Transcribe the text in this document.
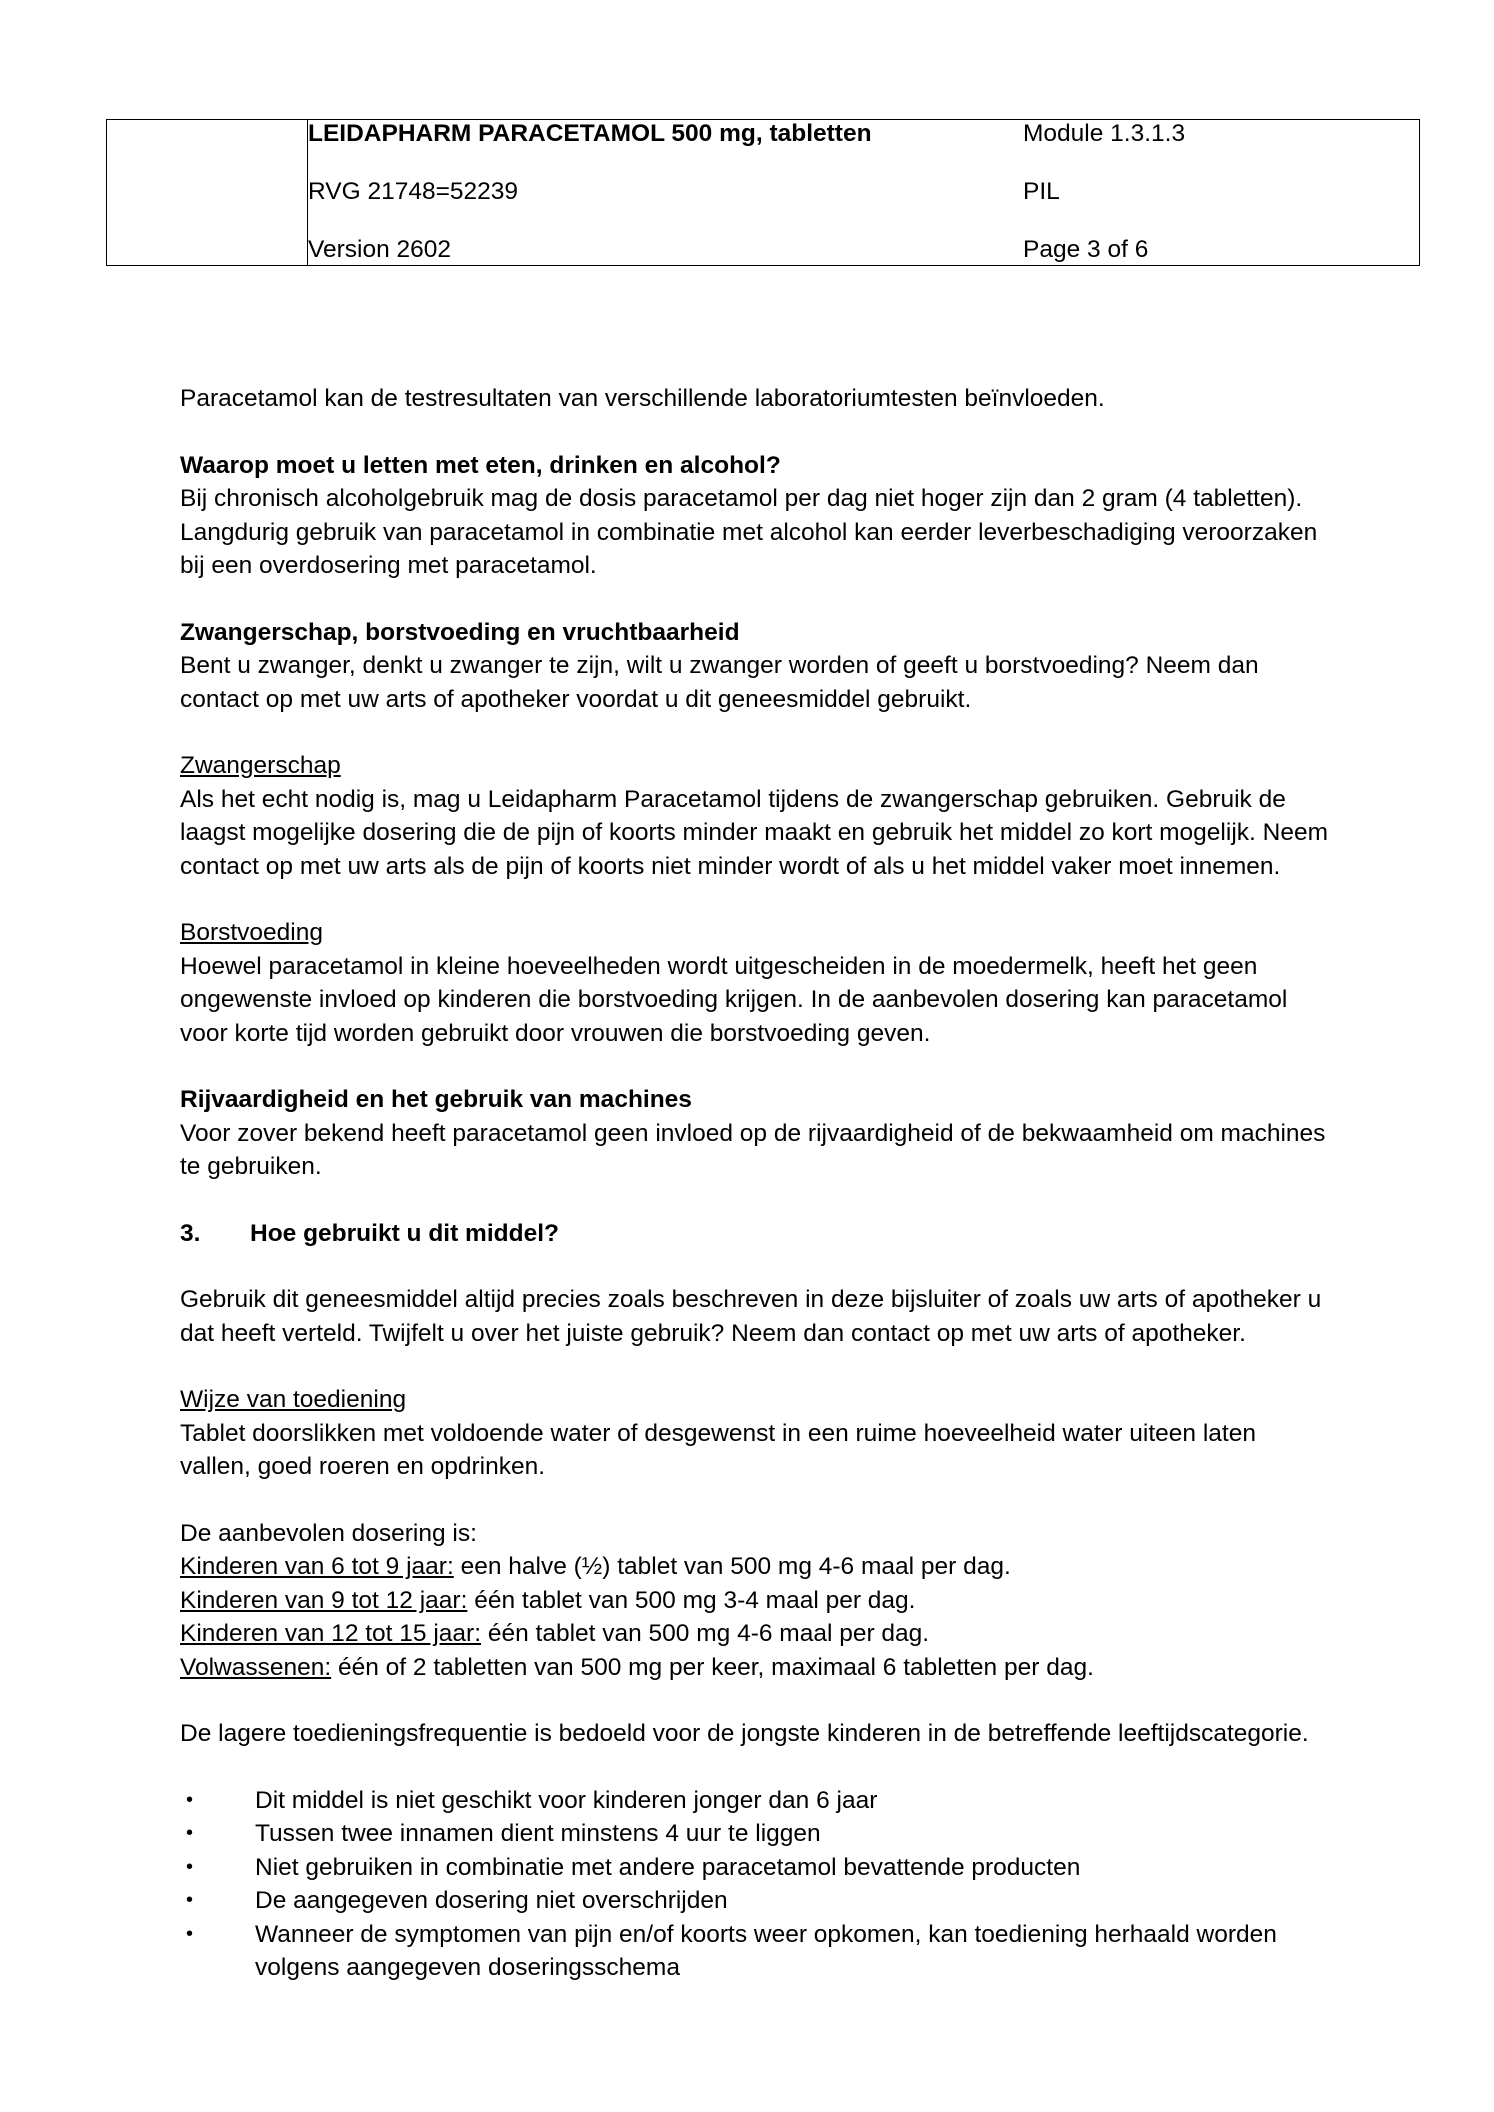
LEIDAPHARM PARACETAMOL 500 mg, tabletten	Module 1.3.1.3
RVG 21748=52239	PIL
Version 2602	Page 3 of 6

Paracetamol kan de testresultaten van verschillende laboratoriumtesten beïnvloeden.

Waarop moet u letten met eten, drinken en alcohol?

Bij chronisch alcoholgebruik mag de dosis paracetamol per dag niet hoger zijn dan 2 gram (4 tabletten). Langdurig gebruik van paracetamol in combinatie met alcohol kan eerder leverbeschadiging veroorzaken bij een overdosering met paracetamol.

Zwangerschap, borstvoeding en vruchtbaarheid

Bent u zwanger, denkt u zwanger te zijn, wilt u zwanger worden of geeft u borstvoeding? Neem dan contact op met uw arts of apotheker voordat u dit geneesmiddel gebruikt.

Zwangerschap

Als het echt nodig is, mag u Leidapharm Paracetamol tijdens de zwangerschap gebruiken. Gebruik de laagst mogelijke dosering die de pijn of koorts minder maakt en gebruik het middel zo kort mogelijk. Neem contact op met uw arts als de pijn of koorts niet minder wordt of als u het middel vaker moet innemen.

Borstvoeding

Hoewel paracetamol in kleine hoeveelheden wordt uitgescheiden in de moedermelk, heeft het geen ongewenste invloed op kinderen die borstvoeding krijgen. In de aanbevolen dosering kan paracetamol voor korte tijd worden gebruikt door vrouwen die borstvoeding geven.

Rijvaardigheid en het gebruik van machines

Voor zover bekend heeft paracetamol geen invloed op de rijvaardigheid of de bekwaamheid om machines te gebruiken.

3.	Hoe gebruikt u dit middel?

Gebruik dit geneesmiddel altijd precies zoals beschreven in deze bijsluiter of zoals uw arts of apotheker u dat heeft verteld. Twijfelt u over het juiste gebruik? Neem dan contact op met uw arts of apotheker.

Wijze van toediening

Tablet doorslikken met voldoende water of desgewenst in een ruime hoeveelheid water uiteen laten vallen, goed roeren en opdrinken.

De aanbevolen dosering is:

Kinderen van 6 tot 9 jaar: een halve (½) tablet van 500 mg 4-6 maal per dag.

Kinderen van 9 tot 12 jaar: één tablet van 500 mg 3-4 maal per dag.

Kinderen van 12 tot 15 jaar: één tablet van 500 mg 4-6 maal per dag.

Volwassenen: één of 2 tabletten van 500 mg per keer, maximaal 6 tabletten per dag.

De lagere toedieningsfrequentie is bedoeld voor de jongste kinderen in de betreffende leeftijdscategorie.

•	Dit middel is niet geschikt voor kinderen jonger dan 6 jaar
•	Tussen twee innamen dient minstens 4 uur te liggen
•	Niet gebruiken in combinatie met andere paracetamol bevattende producten
•	De aangegeven dosering niet overschrijden
•	Wanneer de symptomen van pijn en/of koorts weer opkomen, kan toediening herhaald worden volgens aangegeven doseringsschema
